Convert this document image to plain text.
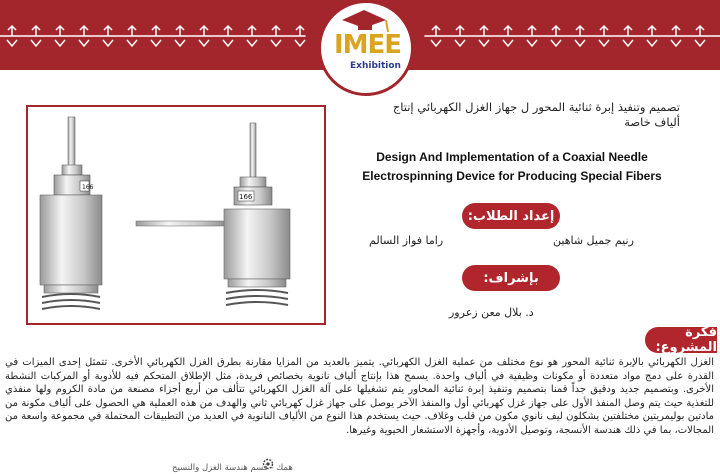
IMEE
Exhibition
166
166
تصميم وتنفيذ إبرة ثنائية المحور ل جهاز الغزل الكهربائي إنتاج ألياف خاصة
Design And Implementation of a Coaxial Needle
Electrospinning Device for Producing Special Fibers
إعداد الطلاب:
رنيم جميل شاهين
راما فواز السالم
بإشراف:
د. بلال معن زعرور
فكرة المشروع:
الغزل الكهربائي بالإبرة ثنائية المحور هو نوع مختلف من عملية الغزل الكهربائي. يتميز بالعديد من المزايا مقارنة بطرق الغزل الكهربائي الأخرى. تتمثل إحدى الميزات في القدرة على دمج مواد متعددة أو مكونات وظيفية في ألياف واحدة. يسمح هذا بإنتاج ألياف نانوية بخصائص فريدة، مثل الإطلاق المتحكم فيه للأدوية أو المركبات النشطة الأخرى. وبتصميم جديد ودقيق جداً قمنا بتصميم وتنفيذ إبرة ثنائية المحاور يتم تشغيلها على آلة الغزل الكهربائي تتألف من أربع أجزاء مصنعة من مادة الكروم ولها منفذي للتغذية حيث يتم وصل المنفذ الأول على جهاز غزل كهربائي أول والمنفذ الآخر يوصل على جهاز غزل كهربائي ثاني والهدف من هذه العملية هي الحصول على ألياف مكونة من مادتين بوليمريتين مختلفتين يشكلون ليف نانوي مكون من قلب وغلاف. حيث يستخدم هذا النوع من الألياف النانوية في العديد من التطبيقات المحتملة في مجموعة واسعة من المجالات، بما في ذلك هندسة الأنسجة، وتوصيل الأدوية، وأجهزة الاستشعار الحيوية وغيرها.
همك - قسم هندسة الغزل والنسيج
